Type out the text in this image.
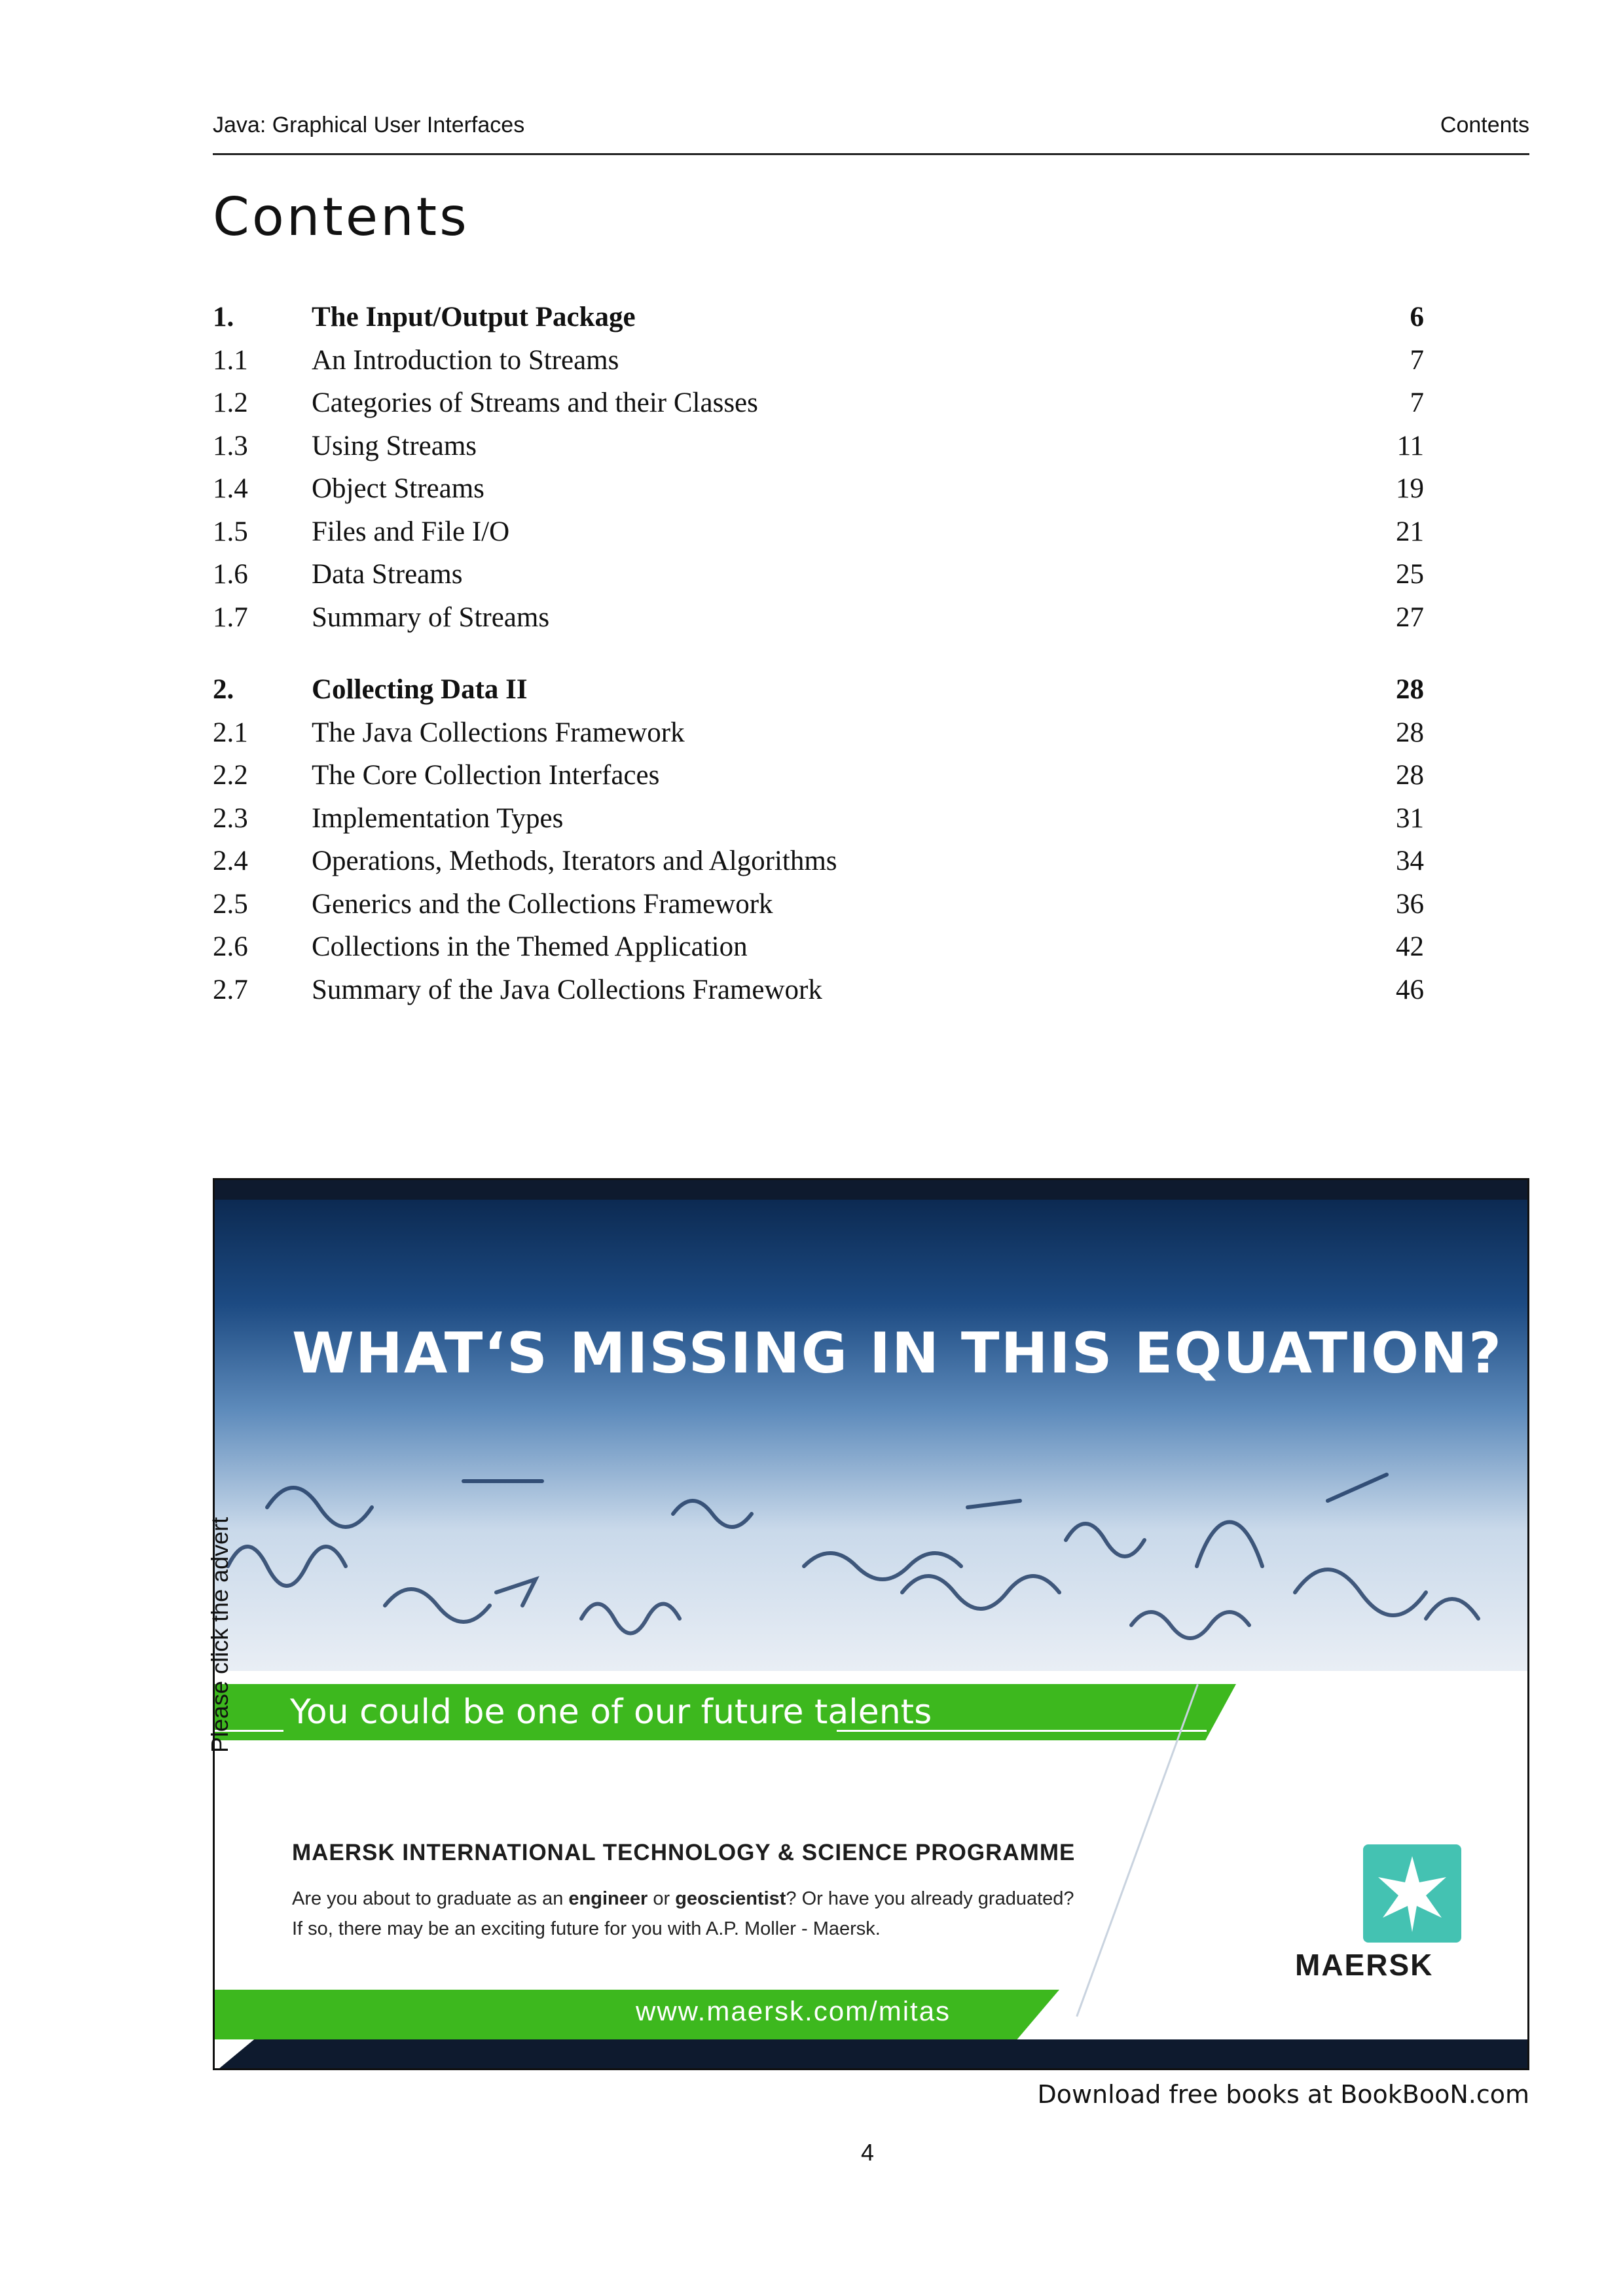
Java: Graphical User Interfaces	Contents
Contents
1.	The Input/Output Package	6
1.1 An Introduction to Streams	7
1.2 Categories of Streams and their Classes	7
1.3 Using Streams	11
1.4 Object Streams	19
1.5 Files and File I/O	21
1.6 Data Streams	25
1.7 Summary of Streams	27
2.	Collecting Data II	28
2.1 The Java Collections Framework	28
2.2 The Core Collection Interfaces	28
2.3 Implementation Types	31
2.4 Operations, Methods, Iterators and Algorithms	34
2.5 Generics and the Collections Framework	36
2.6 Collections in the Themed Application	42
2.7 Summary of the Java Collections Framework	46
WHAT‘S MISSING IN THIS EQUATION?
You could be one of our future talents
MAERSK INTERNATIONAL TECHNOLOGY & SCIENCE PROGRAMME
Are you about to graduate as an engineer or geoscientist? Or have you already graduated?
If so, there may be an exciting future for you with A.P. Moller - Maersk.
www.maersk.com/mitas
MAERSK
Please click the advert
Download free books at BookBooN.com
4
